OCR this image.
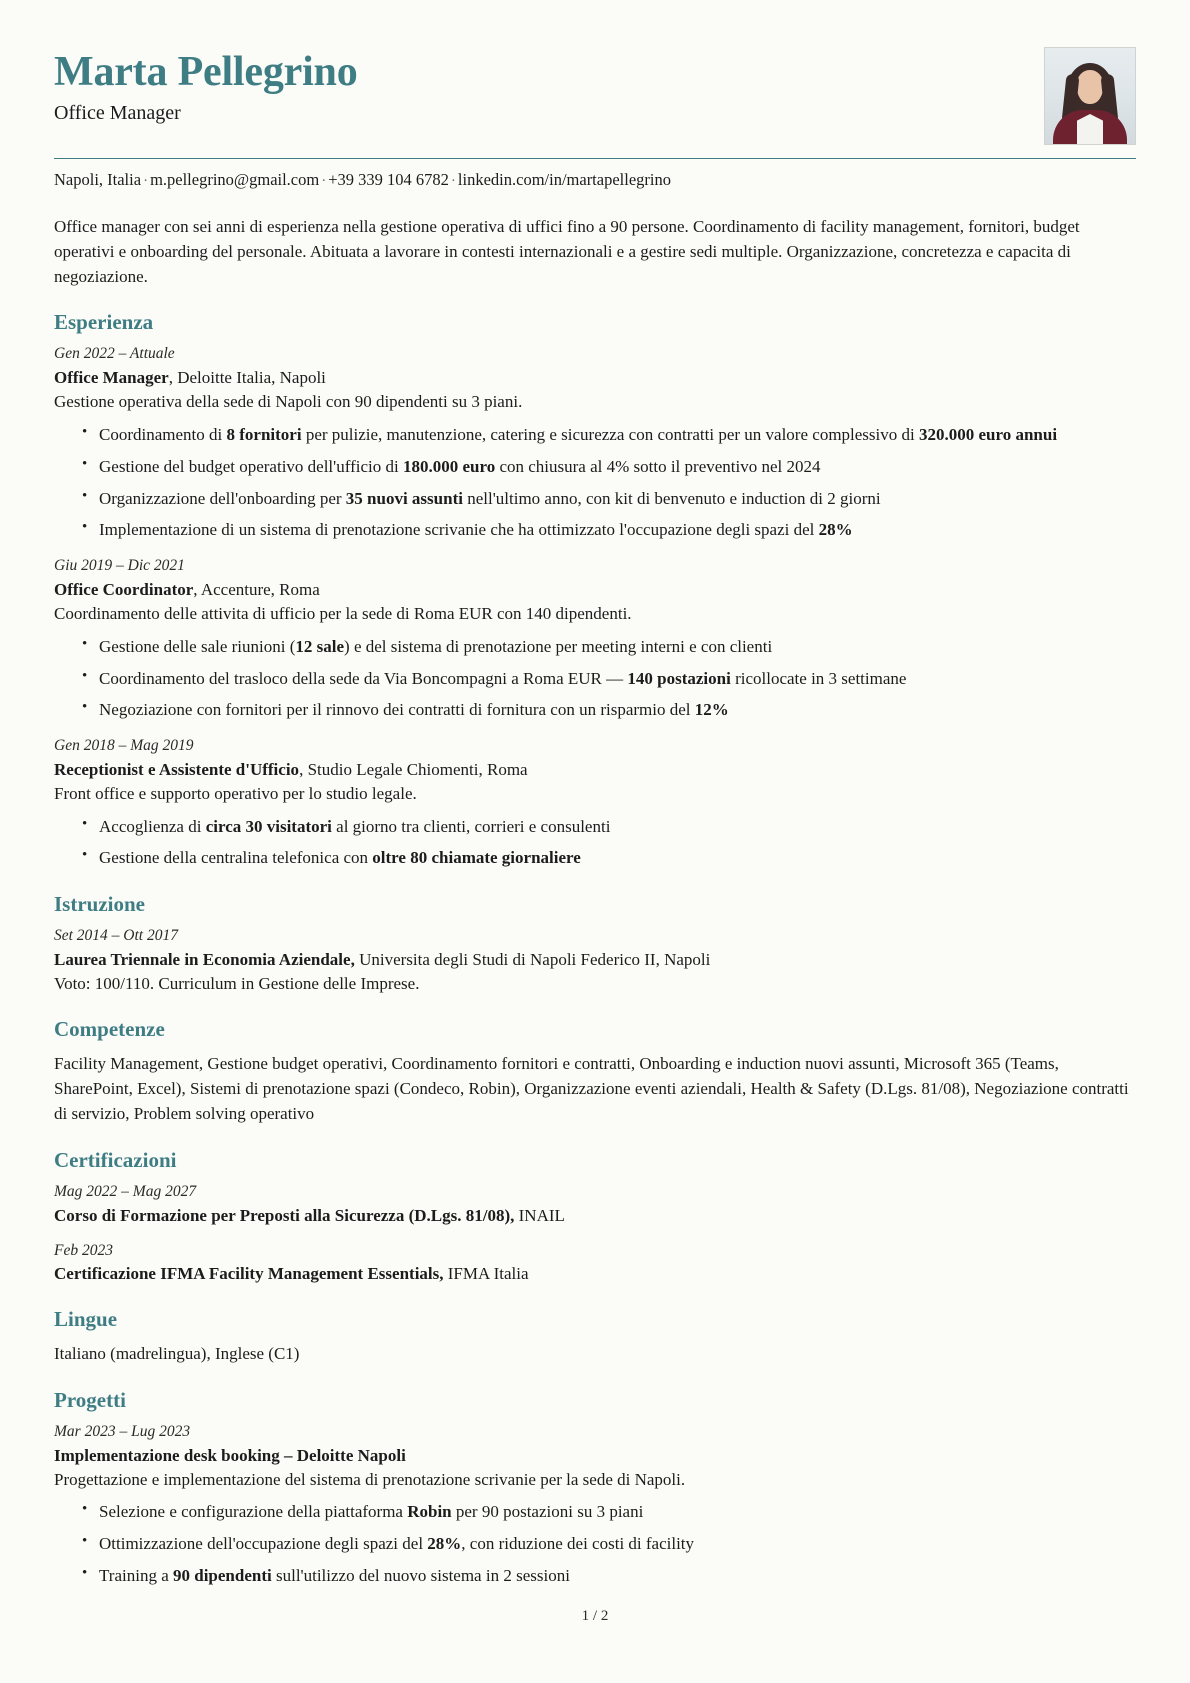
Marta Pellegrino
Office Manager
Napoli, Italia · m.pellegrino@gmail.com · +39 339 104 6782 · linkedin.com/in/martapellegrino

Office manager con sei anni di esperienza nella gestione operativa di uffici fino a 90 persone. Coordinamento di facility management, fornitori, budget operativi e onboarding del personale. Abituata a lavorare in contesti internazionali e a gestire sedi multiple. Organizzazione, concretezza e capacita di negoziazione.

Esperienza
Gen 2022 – Attuale
Office Manager, Deloitte Italia, Napoli
Gestione operativa della sede di Napoli con 90 dipendenti su 3 piani.
• Coordinamento di 8 fornitori per pulizie, manutenzione, catering e sicurezza con contratti per un valore complessivo di 320.000 euro annui
• Gestione del budget operativo dell'ufficio di 180.000 euro con chiusura al 4% sotto il preventivo nel 2024
• Organizzazione dell'onboarding per 35 nuovi assunti nell'ultimo anno, con kit di benvenuto e induction di 2 giorni
• Implementazione di un sistema di prenotazione scrivanie che ha ottimizzato l'occupazione degli spazi del 28%
Giu 2019 – Dic 2021
Office Coordinator, Accenture, Roma
Coordinamento delle attivita di ufficio per la sede di Roma EUR con 140 dipendenti.
• Gestione delle sale riunioni (12 sale) e del sistema di prenotazione per meeting interni e con clienti
• Coordinamento del trasloco della sede da Via Boncompagni a Roma EUR — 140 postazioni ricollocate in 3 settimane
• Negoziazione con fornitori per il rinnovo dei contratti di fornitura con un risparmio del 12%
Gen 2018 – Mag 2019
Receptionist e Assistente d'Ufficio, Studio Legale Chiomenti, Roma
Front office e supporto operativo per lo studio legale.
• Accoglienza di circa 30 visitatori al giorno tra clienti, corrieri e consulenti
• Gestione della centralina telefonica con oltre 80 chiamate giornaliere
Istruzione
Set 2014 – Ott 2017
Laurea Triennale in Economia Aziendale, Universita degli Studi di Napoli Federico II, Napoli
Voto: 100/110. Curriculum in Gestione delle Imprese.
Competenze

Facility Management, Gestione budget operativi, Coordinamento fornitori e contratti, Onboarding e induction nuovi assunti, Microsoft 365 (Teams, SharePoint, Excel), Sistemi di prenotazione spazi (Condeco, Robin), Organizzazione eventi aziendali, Health & Safety (D.Lgs. 81/08), Negoziazione contratti di servizio, Problem solving operativo

Certificazioni
Mag 2022 – Mag 2027
Corso di Formazione per Preposti alla Sicurezza (D.Lgs. 81/08), INAIL
Feb 2023
Certificazione IFMA Facility Management Essentials, IFMA Italia
Lingue

Italiano (madrelingua), Inglese (C1)

Progetti
Mar 2023 – Lug 2023
Implementazione desk booking – Deloitte Napoli
Progettazione e implementazione del sistema di prenotazione scrivanie per la sede di Napoli.
• Selezione e configurazione della piattaforma Robin per 90 postazioni su 3 piani
• Ottimizzazione dell'occupazione degli spazi del 28%, con riduzione dei costi di facility
• Training a 90 dipendenti sull'utilizzo del nuovo sistema in 2 sessioni
1 / 2
